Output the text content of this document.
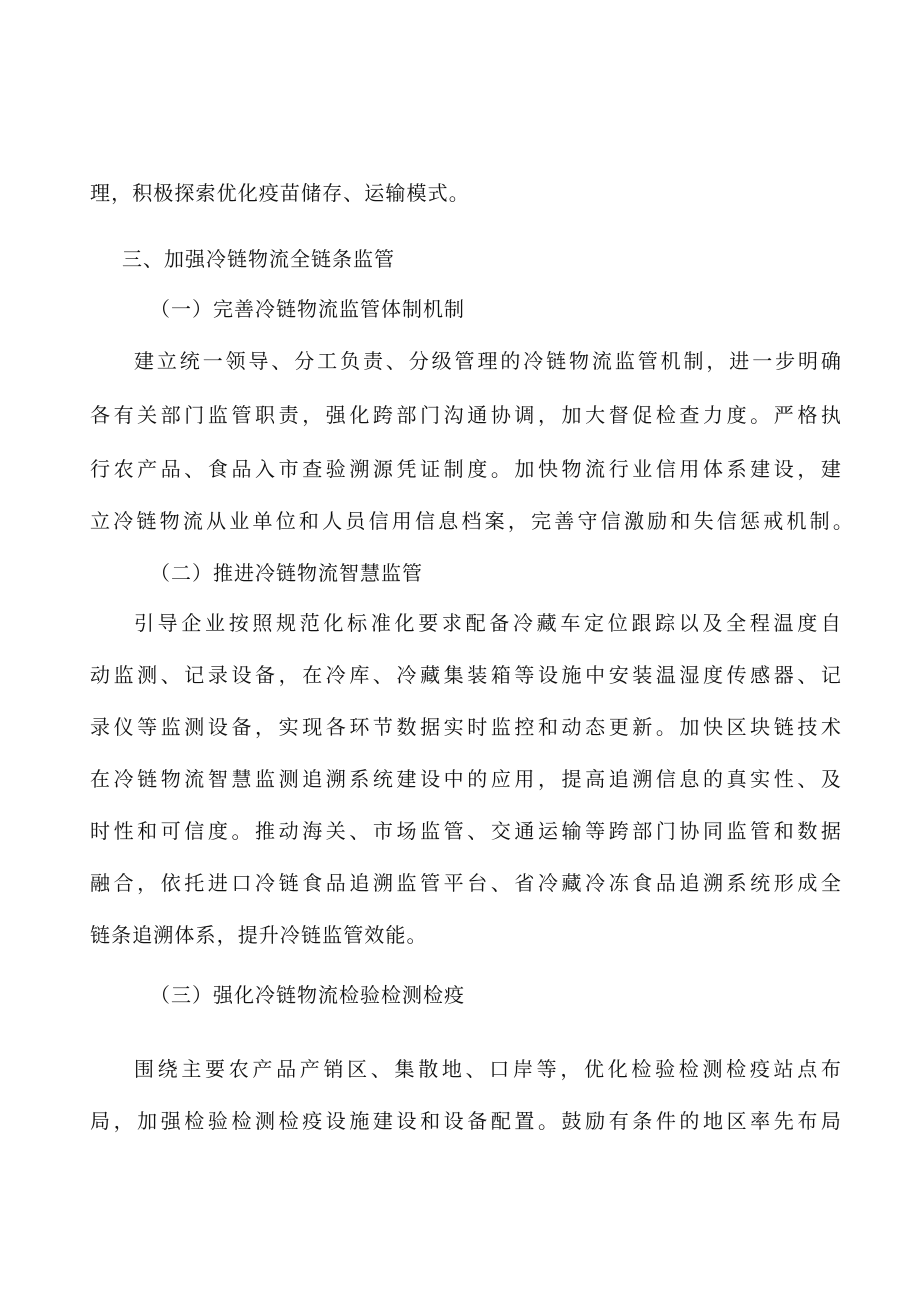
理，积极探索优化疫苗储存、运输模式。
三、加强冷链物流全链条监管
（一）完善冷链物流监管体制机制
建立统一领导、分工负责、分级管理的冷链物流监管机制，进一步明确
各有关部门监管职责，强化跨部门沟通协调，加大督促检查力度。严格执
行农产品、食品入市查验溯源凭证制度。加快物流行业信用体系建设，建
立冷链物流从业单位和人员信用信息档案，完善守信激励和失信惩戒机制。
（二）推进冷链物流智慧监管
引导企业按照规范化标准化要求配备冷藏车定位跟踪以及全程温度自
动监测、记录设备，在冷库、冷藏集装箱等设施中安装温湿度传感器、记
录仪等监测设备，实现各环节数据实时监控和动态更新。加快区块链技术
在冷链物流智慧监测追溯系统建设中的应用，提高追溯信息的真实性、及
时性和可信度。推动海关、市场监管、交通运输等跨部门协同监管和数据
融合，依托进口冷链食品追溯监管平台、省冷藏冷冻食品追溯系统形成全
链条追溯体系，提升冷链监管效能。
（三）强化冷链物流检验检测检疫
围绕主要农产品产销区、集散地、口岸等，优化检验检测检疫站点布
局，加强检验检测检疫设施建设和设备配置。鼓励有条件的地区率先布局
